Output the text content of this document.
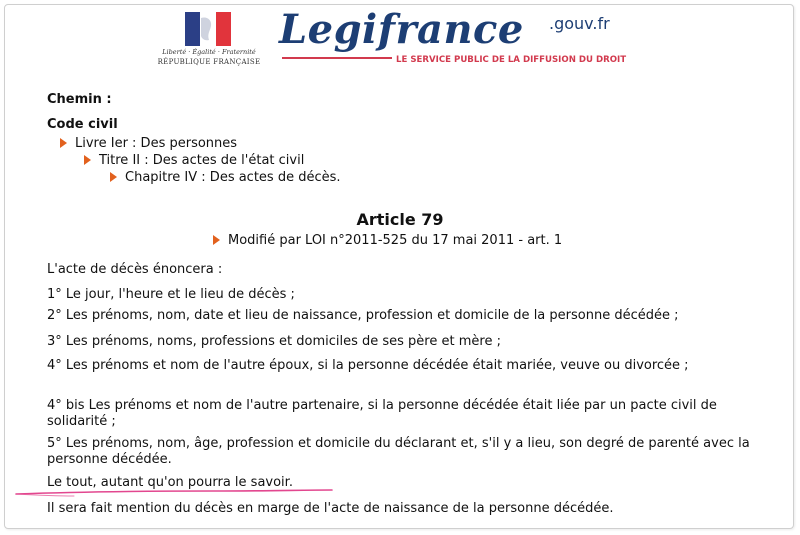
Liberté · Égalité · Fraternité
RÉPUBLIQUE FRANÇAISE
Legifrance .gouv.fr
LE SERVICE PUBLIC DE LA DIFFUSION DU DROIT
Chemin :
Code civil
Livre Ier : Des personnes
Titre II : Des actes de l'état civil
Chapitre IV : Des actes de décès.
Article 79
Modifié par LOI n°2011-525 du 17 mai 2011 - art. 1
L'acte de décès énoncera :
1° Le jour, l'heure et le lieu de décès ;
2° Les prénoms, nom, date et lieu de naissance, profession et domicile de la personne décédée ;
3° Les prénoms, noms, professions et domiciles de ses père et mère ;
4° Les prénoms et nom de l'autre époux, si la personne décédée était mariée, veuve ou divorcée ;
4° bis Les prénoms et nom de l'autre partenaire, si la personne décédée était liée par un pacte civil de solidarité ;
5° Les prénoms, nom, âge, profession et domicile du déclarant et, s'il y a lieu, son degré de parenté avec la personne décédée.
Le tout, autant qu'on pourra le savoir.
Il sera fait mention du décès en marge de l'acte de naissance de la personne décédée.
